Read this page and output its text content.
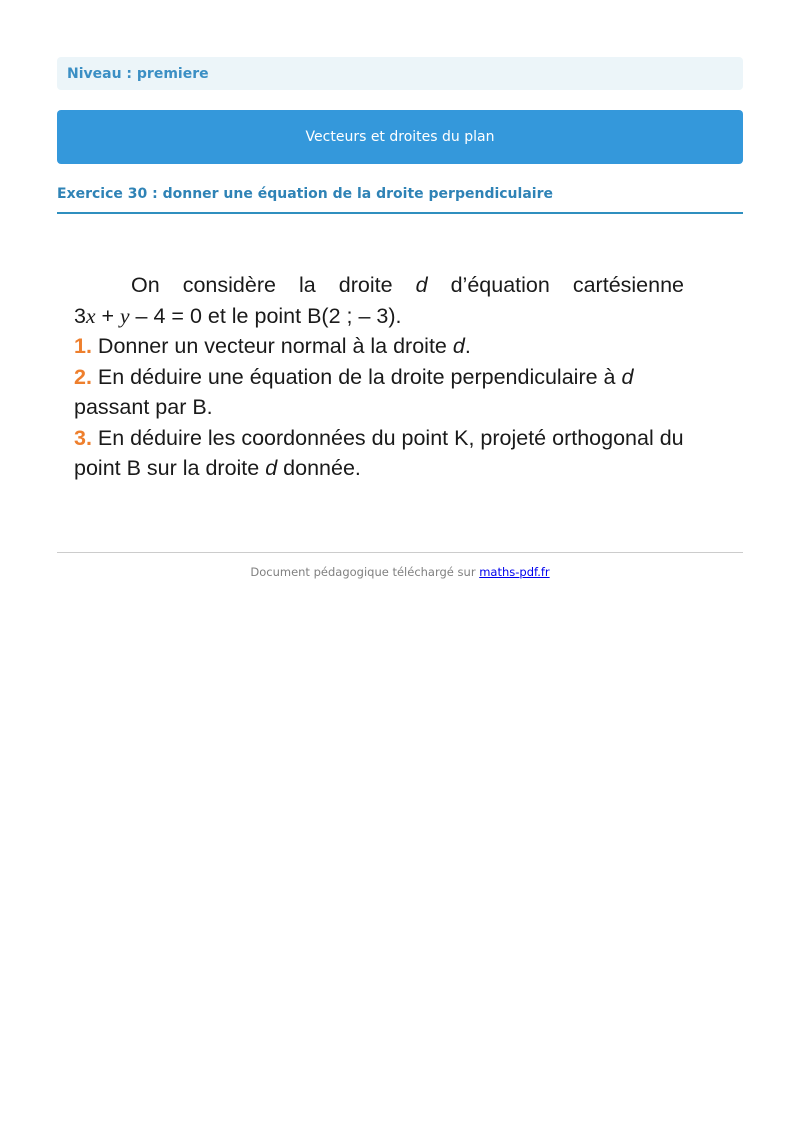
Niveau : premiere
Vecteurs et droites du plan
Exercice 30 : donner une équation de la droite perpendiculaire

On considère la droite d d’équation cartésienne

3x + y – 4 = 0 et le point B(2 ; – 3).

1. Donner un vecteur normal à la droite d.

2. En déduire une équation de la droite perpendiculaire à d passant par B.

3. En déduire les coordonnées du point K, projeté orthogonal du point B sur la droite d donnée.

Document pédagogique téléchargé sur maths-pdf.fr
